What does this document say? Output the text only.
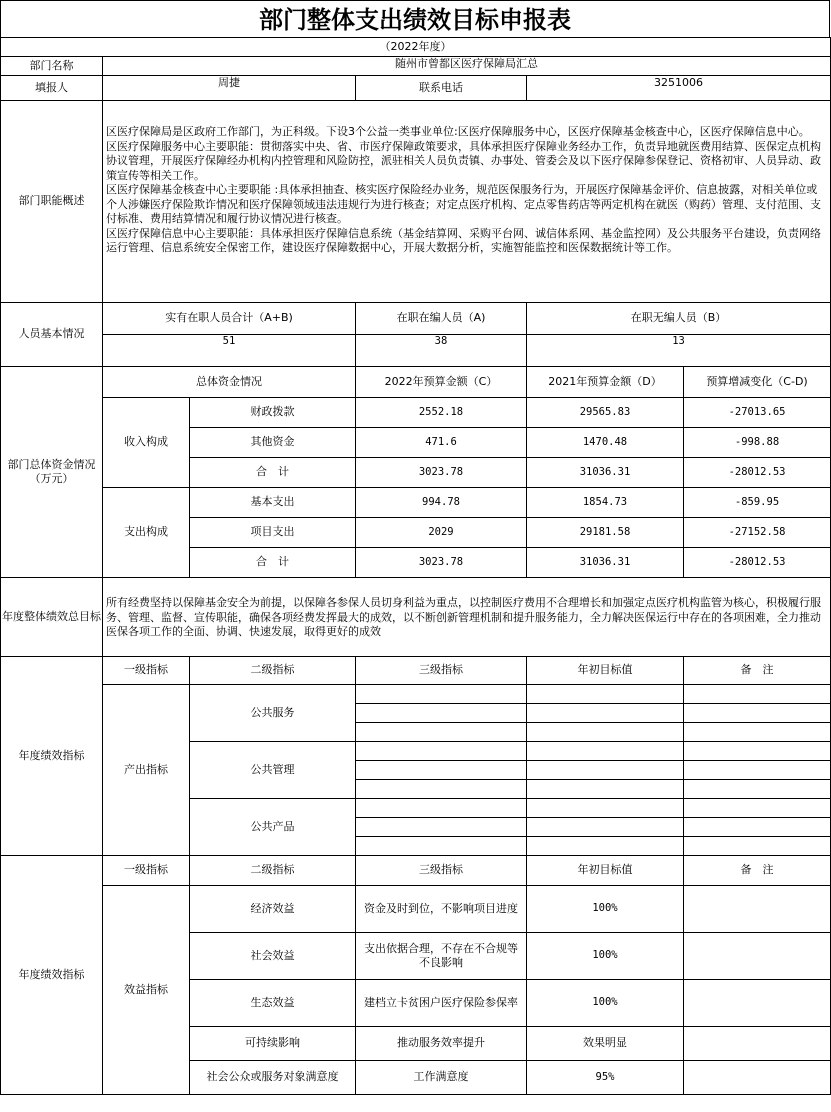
部门整体支出绩效目标申报表
（2022年度）					
部门名称	随州市曾都区医疗保障局汇总				
填报人	周捷		联系电话	3251006	
部门职能概述	区医疗保障局是区政府工作部门，为正科级。下设3个公益一类事业单位:区医疗保障服务中心，区医疗保障基金核查中心，区医疗保障信息中心。
区医疗保障服务中心主要职能：贯彻落实中央、省、市医疗保障政策要求，具体承担医疗保障业务经办工作，负责异地就医费用结算、医保定点机构协议管理，开展医疗保障经办机构内控管理和风险防控，派驻相关人员负责镇、办事处、管委会及以下医疗保障参保登记、资格初审、人员异动、政策宣传等相关工作。
区医疗保障基金核查中心主要职能 :具体承担抽查、核实医疗保险经办业务，规范医保服务行为，开展医疗保障基金评价、信息披露，对相关单位或个人涉嫌医疗保险欺诈情况和医疗保障领域违法违规行为进行核查；对定点医疗机构、定点零售药店等两定机构在就医（购药）管理、支付范围、支付标准、费用结算情况和履行协议情况进行核查。
区医疗保障信息中心主要职能：具体承担医疗保障信息系统（基金结算网、采购平台网、诚信体系网、基金监控网）及公共服务平台建设，负责网络运行管理、信息系统安全保密工作，建设医疗保障数据中心，开展大数据分析，实施智能监控和医保数据统计等工作。				

人员基本情况	实有在职人员合计（A+B)		在职在编人员（A)	在职无编人员（B）	
	51		38	13	
部门总体资金情况（万元）	总体资金情况		2022年预算金额（C）	2021年预算金额（D）	预算增减变化（C-D)
	收入构成	财政拨款	2552.18	29565.83	-27013.65
		其他资金	471.6	1470.48	-998.88
		合　计	3023.78	31036.31	-28012.53
	支出构成	基本支出	994.78	1854.73	-859.95
		项目支出	2029	29181.58	-27152.58
		合　计	3023.78	31036.31	-28012.53
年度整体绩效总目标	所有经费坚持以保障基金安全为前提，以保障各参保人员切身利益为重点，以控制医疗费用不合理增长和加强定点医疗机构监管为核心，积极履行服务、管理、监督、宣传职能，确保各项经费发挥最大的成效，以不断创新管理机制和提升服务能力，全力解决医保运行中存在的各项困难，全力推动医保各项工作的全面、协调、快速发展，取得更好的成效				
年度绩效指标	一级指标	二级指标	三级指标	年初目标值	备　注
	产出指标	公共服务			

		公共管理			

		公共产品			

年度绩效指标	一级指标	二级指标	三级指标	年初目标值	备　注
	效益指标	经济效益	资金及时到位，不影响项目进度	100%	
		社会效益	支出依据合理，不存在不合规等不良影响	100%	
		生态效益	建档立卡贫困户医疗保险参保率	100%	
		可持续影响	推动服务效率提升	效果明显	
		社会公众或服务对象满意度	工作满意度	95%	
